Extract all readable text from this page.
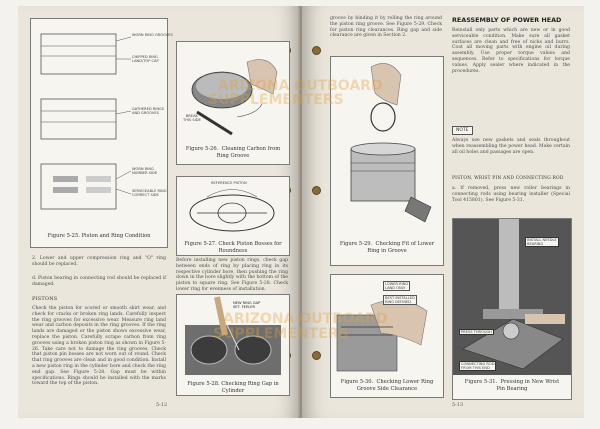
WORN RING GROOVES
CHIPPED RING
LAND/TOP CAP
GATHERED RINGS
AND GROOVES
WORN RING
NUMBER SIDE
SERVICEABLE RING
CORRECT SIDE
Figure 5-25. Piston and Ring Condition
BREAK
THIS SIDE
Figure 5-26.  Cleaning Carbon from
Ring Groove
REFERENCE PISTON
Figure 5-27. Check Piston Bosses for Roundness
2. Lower and upper compression ring and "O" ring should be replaced.
d. Piston bearing in connecting rod should be replaced if damaged.
PISTONS
Check the piston for scored or smooth skirt wear, and check for cracks or broken ring lands. Carefully inspect the ring grooves for excessive wear. Measure ring land wear and carbon deposits in the ring grooves. If the ring lands are damaged or the piston shows excessive wear, replace the piston. Carefully scrape carbon from ring grooves using a broken piston ring as shown in Figure 5-26. Take care not to damage the ring grooves. Check that piston pin bosses are not worn out of round. Check that ring grooves are clean and in good condition. Install a new piston ring in the cylinder bore and check the ring end gap. See Figure 5-28. Gap must be within specifications. Rings should be installed with the marks toward the top of the piston.
Before installing new piston rings, check gap between ends of ring by placing ring in its respective cylinder bore, then pushing the ring down in the bore slightly with the bottom of the piston to square ring. See Figure 5-28. Check lower ring for evenness of installation.
NEW RING GAP
SET. FEELER
Figure 5-28. Checking Ring Gap in Cylinder
5-12
groove by binding it by rolling the ring around the piston ring groove. See Figure 5-29. Check for piston ring clearances. Ring gap and side clearance are given in Section 2.
Figure 5-29.  Checking Fit of Lower
Ring in Groove
LOWER RING
LAND ONLY
BEST INSTALLED
RING DEFINED
Figure 5-30.  Checking Lower Ring
Groove Side Clearance
REASSEMBLY OF POWER HEAD
Reinstall only parts which are new or in good serviceable condition. Make sure all gasket surfaces are clean and free of nicks and burrs. Coat all moving parts with engine oil during assembly. Use proper torque values and sequences. Refer to specifications for torque values. Apply sealer where indicated in the procedures.
NOTE
Always use new gaskets and seals throughout when reassembling the power head. Make certain all oil holes and passages are open.
PISTON, WRIST PIN AND CONNECTING ROD
a. If removed, press new roller bearings in connecting rods using bearing installer (Special Tool 415801). See Figure 5-31.
INSTALL NEEDLE
BEARING
PRESS THROUGH
CONNECTING ROD
FROM THIS END
Figure 5-31.  Pressing in New Wrist
Pin Bearing
5-13
ARIZONA OUTBOARD
SUPPLEMENTERS
ARIZONA OUTBOARD
SUPPLEMENTERS
